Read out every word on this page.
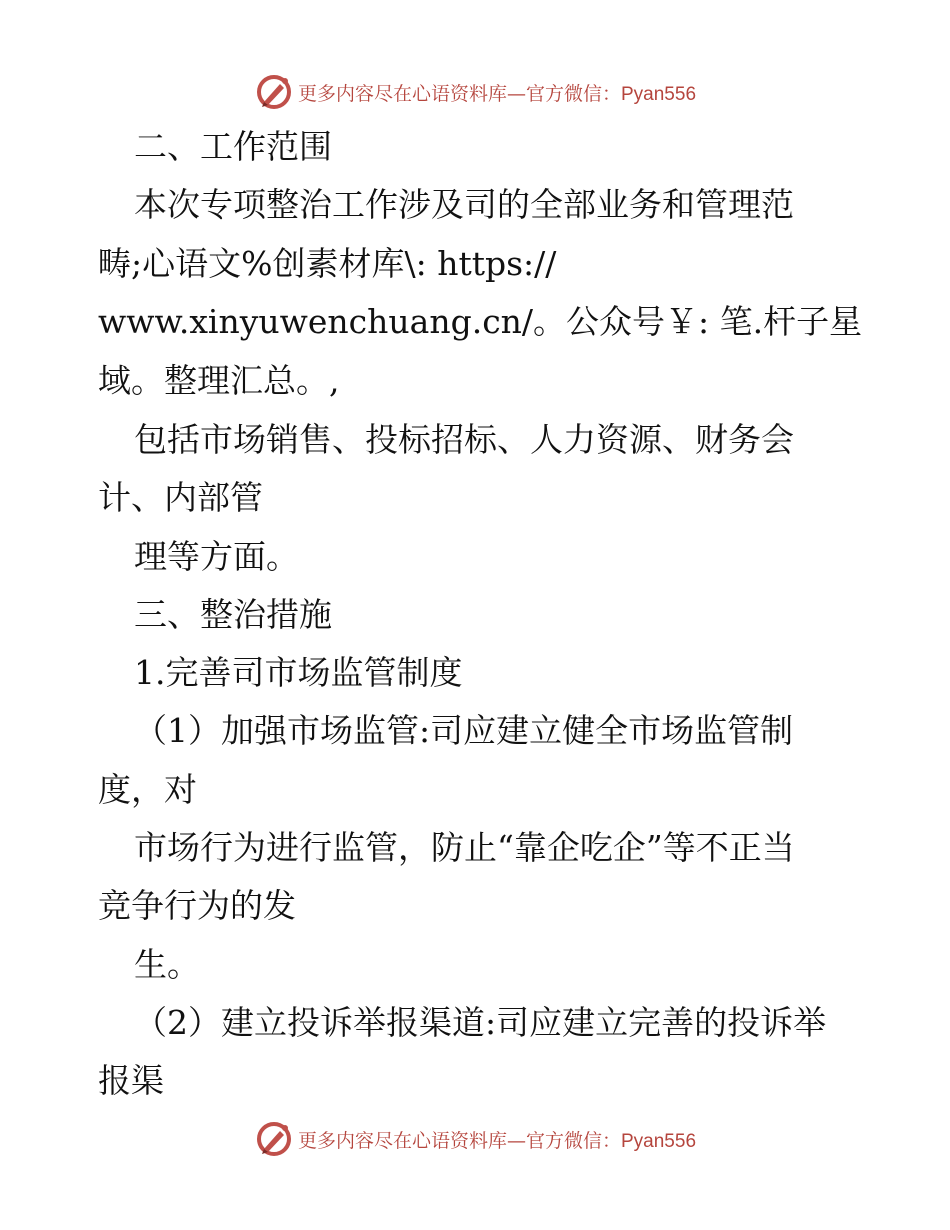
更多内容尽在心语资料库—官方微信：Pyan556
二、工作范围
本次专项整治工作涉及司的全部业务和管理范
畴;心语文%创素材库\: https://
www.xinyuwenchuang.cn/。公众号￥: 笔.杆子星
域。整理汇总。,
包括市场销售、投标招标、人力资源、财务会
计、内部管
理等方面。
三、整治措施
1.完善司市场监管制度
（1）加强市场监管:司应建立健全市场监管制
度，对
市场行为进行监管，防止“靠企吃企”等不正当
竞争行为的发
生。
（2）建立投诉举报渠道:司应建立完善的投诉举
报渠
更多内容尽在心语资料库—官方微信：Pyan556
